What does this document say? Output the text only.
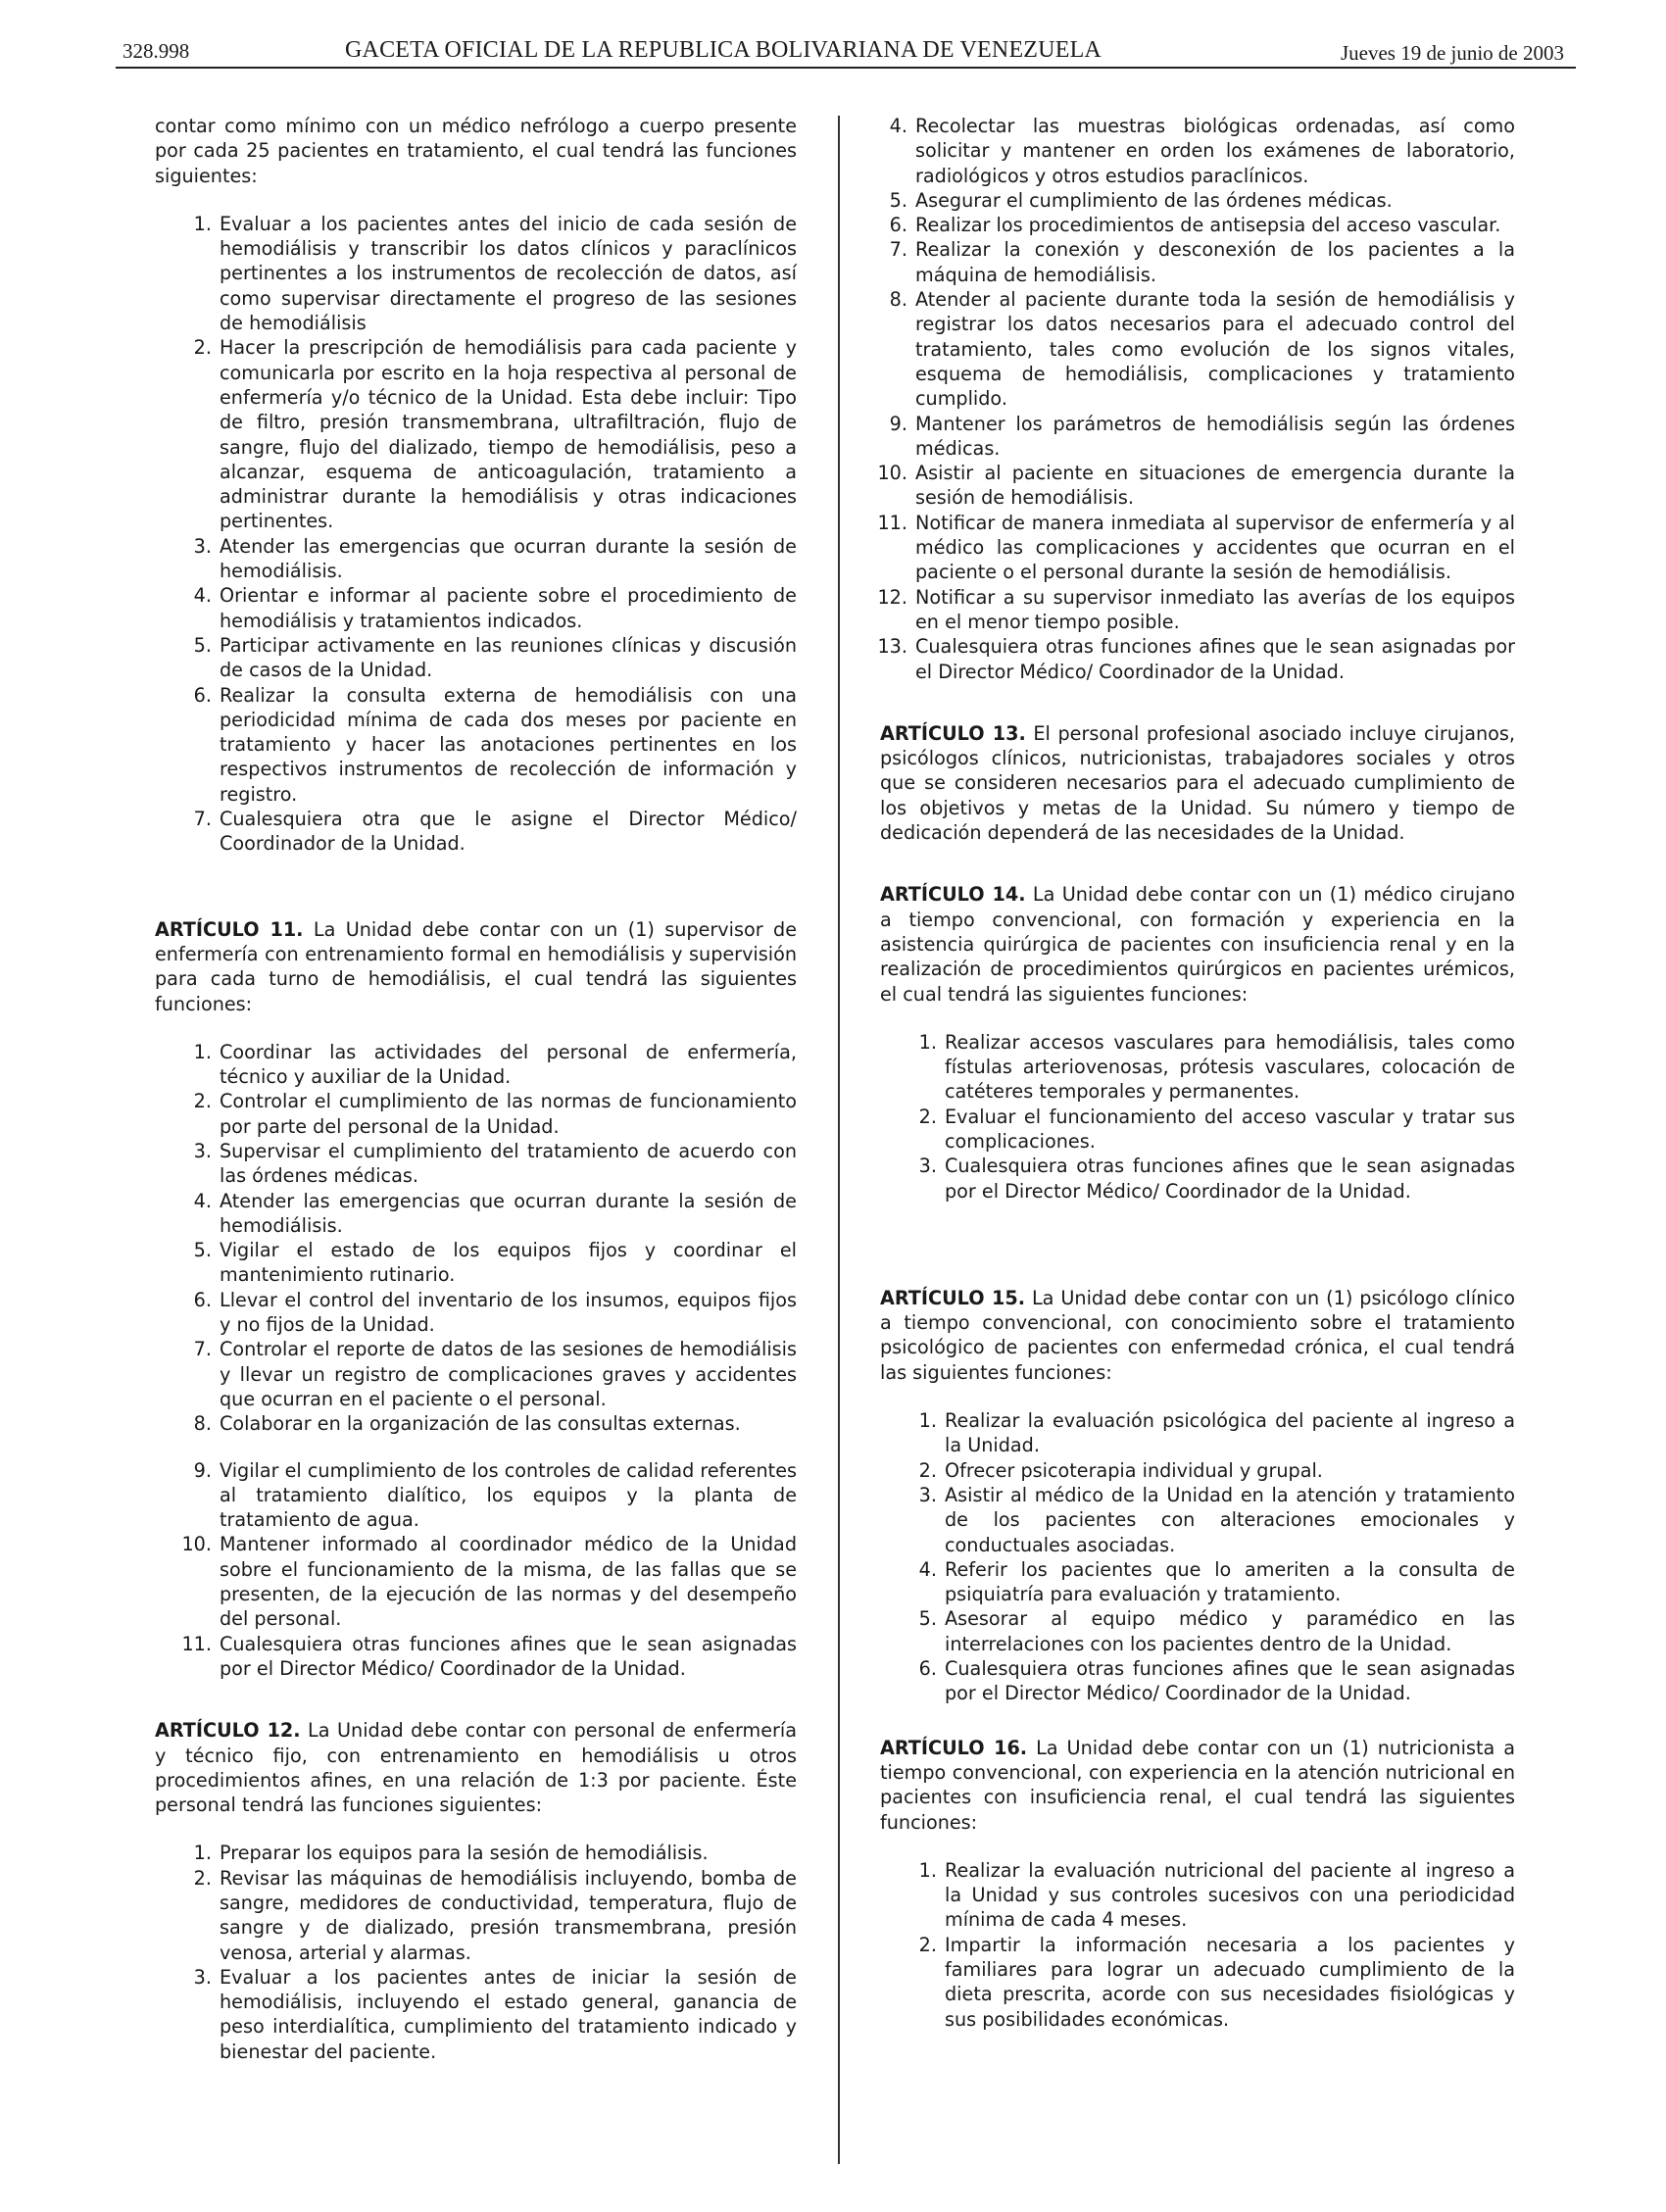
328.998	GACETA OFICIAL DE LA REPUBLICA BOLIVARIANA DE VENEZUELA	Jueves 19 de junio de 2003

contar como mínimo con un médico nefrólogo a cuerpo presente por cada 25 pacientes en tratamiento, el cual tendrá las funciones siguientes:

1 . Evaluar a los pacientes antes del inicio de cada sesión de hemodiálisis y transcribir los datos clínicos y paraclínicos pertinentes a los instrumentos de recolección de datos, así como supervisar directamente el progreso de las sesiones de hemodiálisis
2 . Hacer la prescripción de hemodiálisis para cada paciente y comunicarla por escrito en la hoja respectiva al personal de enfermería y/o técnico de la Unidad. Esta debe incluir: Tipo de filtro, presión transmembrana, ultrafiltración, flujo de sangre, flujo del dializado, tiempo de hemodiálisis, peso a alcanzar, esquema de anticoagulación, tratamiento a administrar durante la hemodiálisis y otras indicaciones pertinentes.
3 . Atender las emergencias que ocurran durante la sesión de hemodiálisis.
4 . Orientar e informar al paciente sobre el procedimiento de hemodiálisis y tratamientos indicados.
5 . Participar activamente en las reuniones clínicas y discusión de casos de la Unidad.
6 . Realizar la consulta externa de hemodiálisis con una periodicidad mínima de cada dos meses por paciente en tratamiento y hacer las anotaciones pertinentes en los respectivos instrumentos de recolección de información y registro.
7 . Cualesquiera otra que le asigne el Director Médico/ Coordinador de la Unidad.

ARTÍCULO 11. La Unidad debe contar con un (1) supervisor de enfermería con entrenamiento formal en hemodiálisis y supervisión para cada turno de hemodiálisis, el cual tendrá las siguientes funciones:

1 . Coordinar las actividades del personal de enfermería, técnico y auxiliar de la Unidad.
2 . Controlar el cumplimiento de las normas de funcionamiento por parte del personal de la Unidad.
3 . Supervisar el cumplimiento del tratamiento de acuerdo con las órdenes médicas.
4 . Atender las emergencias que ocurran durante la sesión de hemodiálisis.
5 . Vigilar el estado de los equipos fijos y coordinar el mantenimiento rutinario.
6 . Llevar el control del inventario de los insumos, equipos fijos y no fijos de la Unidad.
7 . Controlar el reporte de datos de las sesiones de hemodiálisis y llevar un registro de complicaciones graves y accidentes que ocurran en el paciente o el personal.
8 . Colaborar en la organización de las consultas externas.
9 . Vigilar el cumplimiento de los controles de calidad referentes al tratamiento dialítico, los equipos y la planta de tratamiento de agua.
10 . Mantener informado al coordinador médico de la Unidad sobre el funcionamiento de la misma, de las fallas que se presenten, de la ejecución de las normas y del desempeño del personal.
11 . Cualesquiera otras funciones afines que le sean asignadas por el Director Médico/ Coordinador de la Unidad.

ARTÍCULO 12. La Unidad debe contar con personal de enfermería y técnico fijo, con entrenamiento en hemodiálisis u otros procedimientos afines, en una relación de 1:3 por paciente. Éste personal tendrá las funciones siguientes:

1 . Preparar los equipos para la sesión de hemodiálisis.
2 . Revisar las máquinas de hemodiálisis incluyendo, bomba de sangre, medidores de conductividad, temperatura, flujo de sangre y de dializado, presión transmembrana, presión venosa, arterial y alarmas.
3 . Evaluar a los pacientes antes de iniciar la sesión de hemodiálisis, incluyendo el estado general, ganancia de peso interdialítica, cumplimiento del tratamiento indicado y bienestar del paciente.
4 . Recolectar las muestras biológicas ordenadas, así como solicitar y mantener en orden los exámenes de laboratorio, radiológicos y otros estudios paraclínicos.
5 . Asegurar el cumplimiento de las órdenes médicas.
6 . Realizar los procedimientos de antisepsia del acceso vascular.
7 . Realizar la conexión y desconexión de los pacientes a la máquina de hemodiálisis.
8 . Atender al paciente durante toda la sesión de hemodiálisis y registrar los datos necesarios para el adecuado control del tratamiento, tales como evolución de los signos vitales, esquema de hemodiálisis, complicaciones y tratamiento cumplido.
9 . Mantener los parámetros de hemodiálisis según las órdenes médicas.
10 . Asistir al paciente en situaciones de emergencia durante la sesión de hemodiálisis.
11 . Notificar de manera inmediata al supervisor de enfermería y al médico las complicaciones y accidentes que ocurran en el paciente o el personal durante la sesión de hemodiálisis.
12 . Notificar a su supervisor inmediato las averías de los equipos en el menor tiempo posible.
13 . Cualesquiera otras funciones afines que le sean asignadas por el Director Médico/ Coordinador de la Unidad.

ARTÍCULO 13. El personal profesional asociado incluye cirujanos, psicólogos clínicos, nutricionistas, trabajadores sociales y otros que se consideren necesarios para el adecuado cumplimiento de los objetivos y metas de la Unidad. Su número y tiempo de dedicación dependerá de las necesidades de la Unidad.

ARTÍCULO 14. La Unidad debe contar con un (1) médico cirujano a tiempo convencional, con formación y experiencia en la asistencia quirúrgica de pacientes con insuficiencia renal y en la realización de procedimientos quirúrgicos en pacientes urémicos, el cual tendrá las siguientes funciones:

1 . Realizar accesos vasculares para hemodiálisis, tales como fístulas arteriovenosas, prótesis vasculares, colocación de catéteres temporales y permanentes.
2 . Evaluar el funcionamiento del acceso vascular y tratar sus complicaciones.
3 . Cualesquiera otras funciones afines que le sean asignadas por el Director Médico/ Coordinador de la Unidad.

ARTÍCULO 15. La Unidad debe contar con un (1) psicólogo clínico a tiempo convencional, con conocimiento sobre el tratamiento psicológico de pacientes con enfermedad crónica, el cual tendrá las siguientes funciones:

1 . Realizar la evaluación psicológica del paciente al ingreso a la Unidad.
2 . Ofrecer psicoterapia individual y grupal.
3 . Asistir al médico de la Unidad en la atención y tratamiento de los pacientes con alteraciones emocionales y conductuales asociadas.
4 . Referir los pacientes que lo ameriten a la consulta de psiquiatría para evaluación y tratamiento.
5 . Asesorar al equipo médico y paramédico en las interrelaciones con los pacientes dentro de la Unidad.
6 . Cualesquiera otras funciones afines que le sean asignadas por el Director Médico/ Coordinador de la Unidad.

ARTÍCULO 16. La Unidad debe contar con un (1) nutricionista a tiempo convencional, con experiencia en la atención nutricional en pacientes con insuficiencia renal, el cual tendrá las siguientes funciones:

1 . Realizar la evaluación nutricional del paciente al ingreso a la Unidad y sus controles sucesivos con una periodicidad mínima de cada 4 meses.
2 . Impartir la información necesaria a los pacientes y familiares para lograr un adecuado cumplimiento de la dieta prescrita, acorde con sus necesidades fisiológicas y sus posibilidades económicas.
